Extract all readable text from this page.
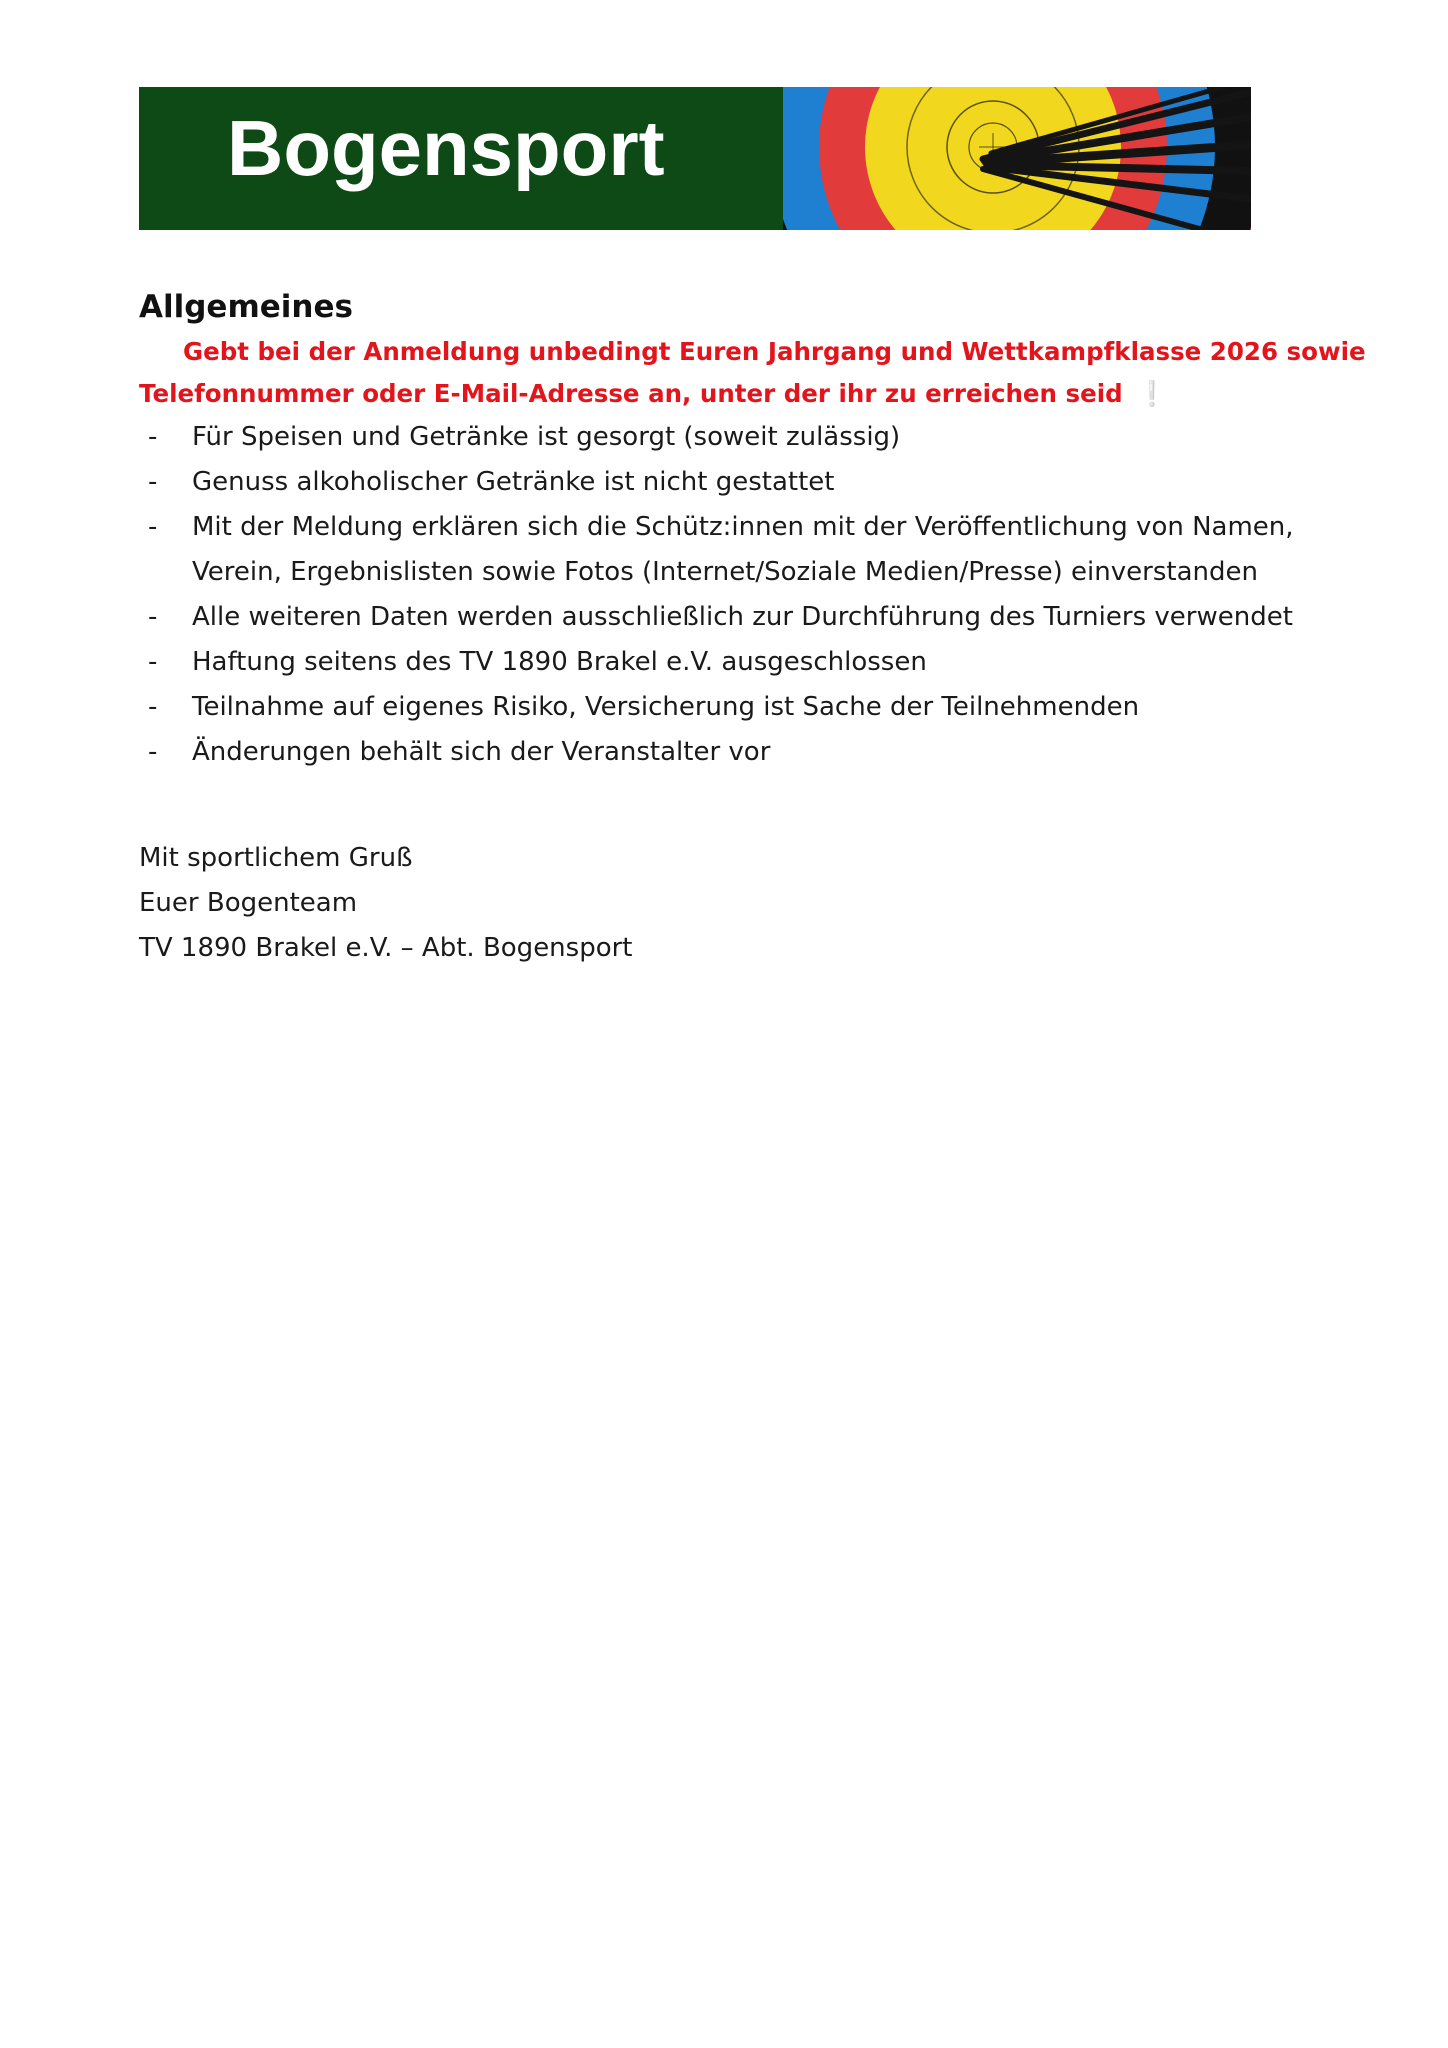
Bogensport
Allgemeines

Gebt bei der Anmeldung unbedingt Euren Jahrgang und Wettkampfklasse 2026 sowie

Telefonnummer oder E-Mail-Adresse an, unter der ihr zu erreichen seid ❕

- Für Speisen und Getränke ist gesorgt (soweit zulässig)
- Genuss alkoholischer Getränke ist nicht gestattet
- Mit der Meldung erklären sich die Schütz:innen mit der Veröffentlichung von Namen,
Verein, Ergebnislisten sowie Fotos (Internet/Soziale Medien/Presse) einverstanden
- Alle weiteren Daten werden ausschließlich zur Durchführung des Turniers verwendet
- Haftung seitens des TV 1890 Brakel e.V. ausgeschlossen
- Teilnahme auf eigenes Risiko, Versicherung ist Sache der Teilnehmenden
- Änderungen behält sich der Veranstalter vor
Mit sportlichem Gruß
Euer Bogenteam
TV 1890 Brakel e.V. – Abt. Bogensport
